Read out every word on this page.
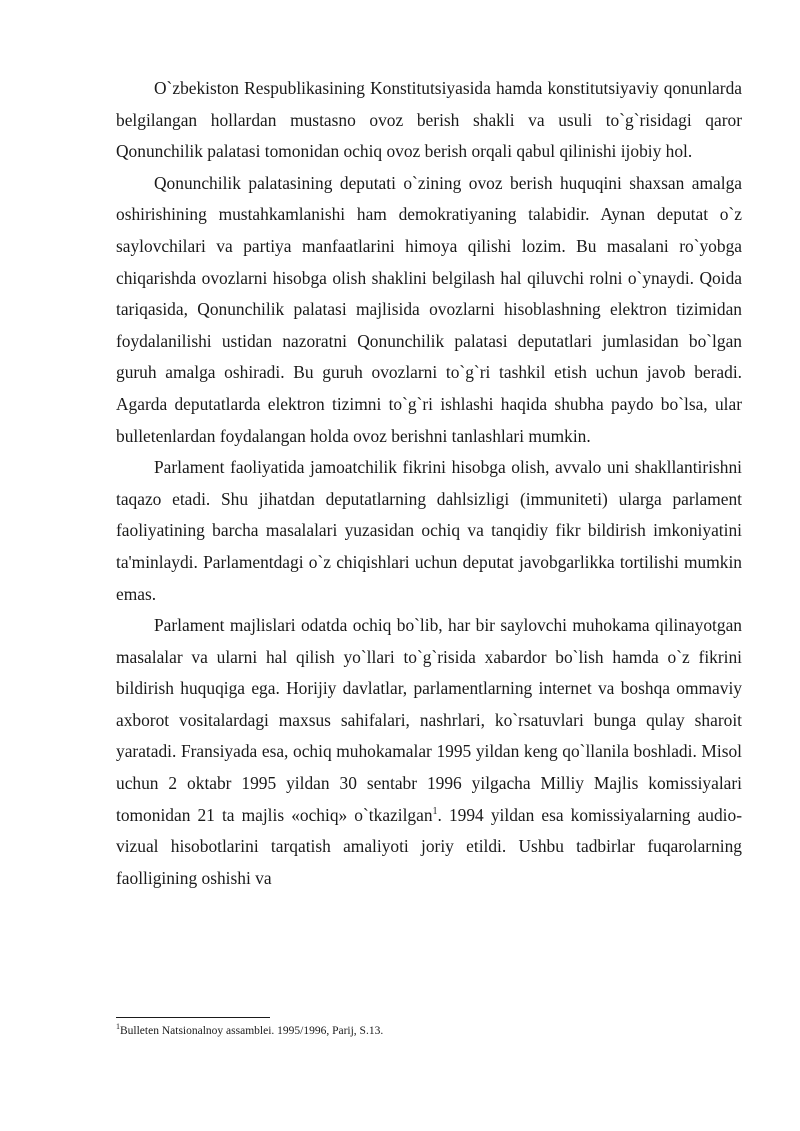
O`zbekiston Respublikasining Konstitutsiyasida hamda konstitutsiyaviy qonunlarda belgilangan hollardan mustasno ovoz berish shakli va usuli to`g`risidagi qaror Qonunchilik palatasi tomonidan ochiq ovoz berish orqali qabul qilinishi ijobiy hol.

Qonunchilik palatasining deputati o`zining ovoz berish huquqini shaxsan amalga oshirishining mustahkamlanishi ham demokratiyaning talabidir. Aynan deputat o`z saylovchilari va partiya manfaatlarini himoya qilishi lozim. Bu masalani ro`yobga chiqarishda ovozlarni hisobga olish shaklini belgilash hal qiluvchi rolni o`ynaydi. Qoida tariqasida, Qonunchilik palatasi majlisida ovozlarni hisoblashning elektron tizimidan foydalanilishi ustidan nazoratni Qonunchilik palatasi deputatlari jumlasidan bo`lgan guruh amalga oshiradi. Bu guruh ovozlarni to`g`ri tashkil etish uchun javob beradi. Agarda deputatlarda elektron tizimni to`g`ri ishlashi haqida shubha paydo bo`lsa, ular bulletenlardan foydalangan holda ovoz berishni tanlashlari mumkin.

Parlament faoliyatida jamoatchilik fikrini hisobga olish, avvalo uni shakllantirishni taqazo etadi. Shu jihatdan deputatlarning dahlsizligi (immuniteti) ularga parlament faoliyatining barcha masalalari yuzasidan ochiq va tanqidiy fikr bildirish imkoniyatini ta'minlaydi. Parlamentdagi o`z chiqishlari uchun deputat javobgarlikka tortilishi mumkin emas.

Parlament majlislari odatda ochiq bo`lib, har bir saylovchi muhokama qilinayotgan masalalar va ularni hal qilish yo`llari to`g`risida xabardor bo`lish hamda o`z fikrini bildirish huquqiga ega. Horijiy davlatlar, parlamentlarning internet va boshqa ommaviy axborot vositalardagi maxsus sahifalari, nashrlari, ko`rsatuvlari bunga qulay sharoit yaratadi. Fransiyada esa, ochiq muhokamalar 1995 yildan keng qo`llanila boshladi. Misol uchun 2 oktabr 1995 yildan 30 sentabr 1996 yilgacha Milliy Majlis komissiyalari tomonidan 21 ta majlis «ochiq» o`tkazilgan$^1$. 1994 yildan esa komissiyalarning audio-vizual hisobotlarini tarqatish amaliyoti joriy etildi. Ushbu tadbirlar fuqarolarning faolligining oshishi va

$^1$Bulleten Natsionalnoy assamblei. 1995/1996, Parij, S.13.
